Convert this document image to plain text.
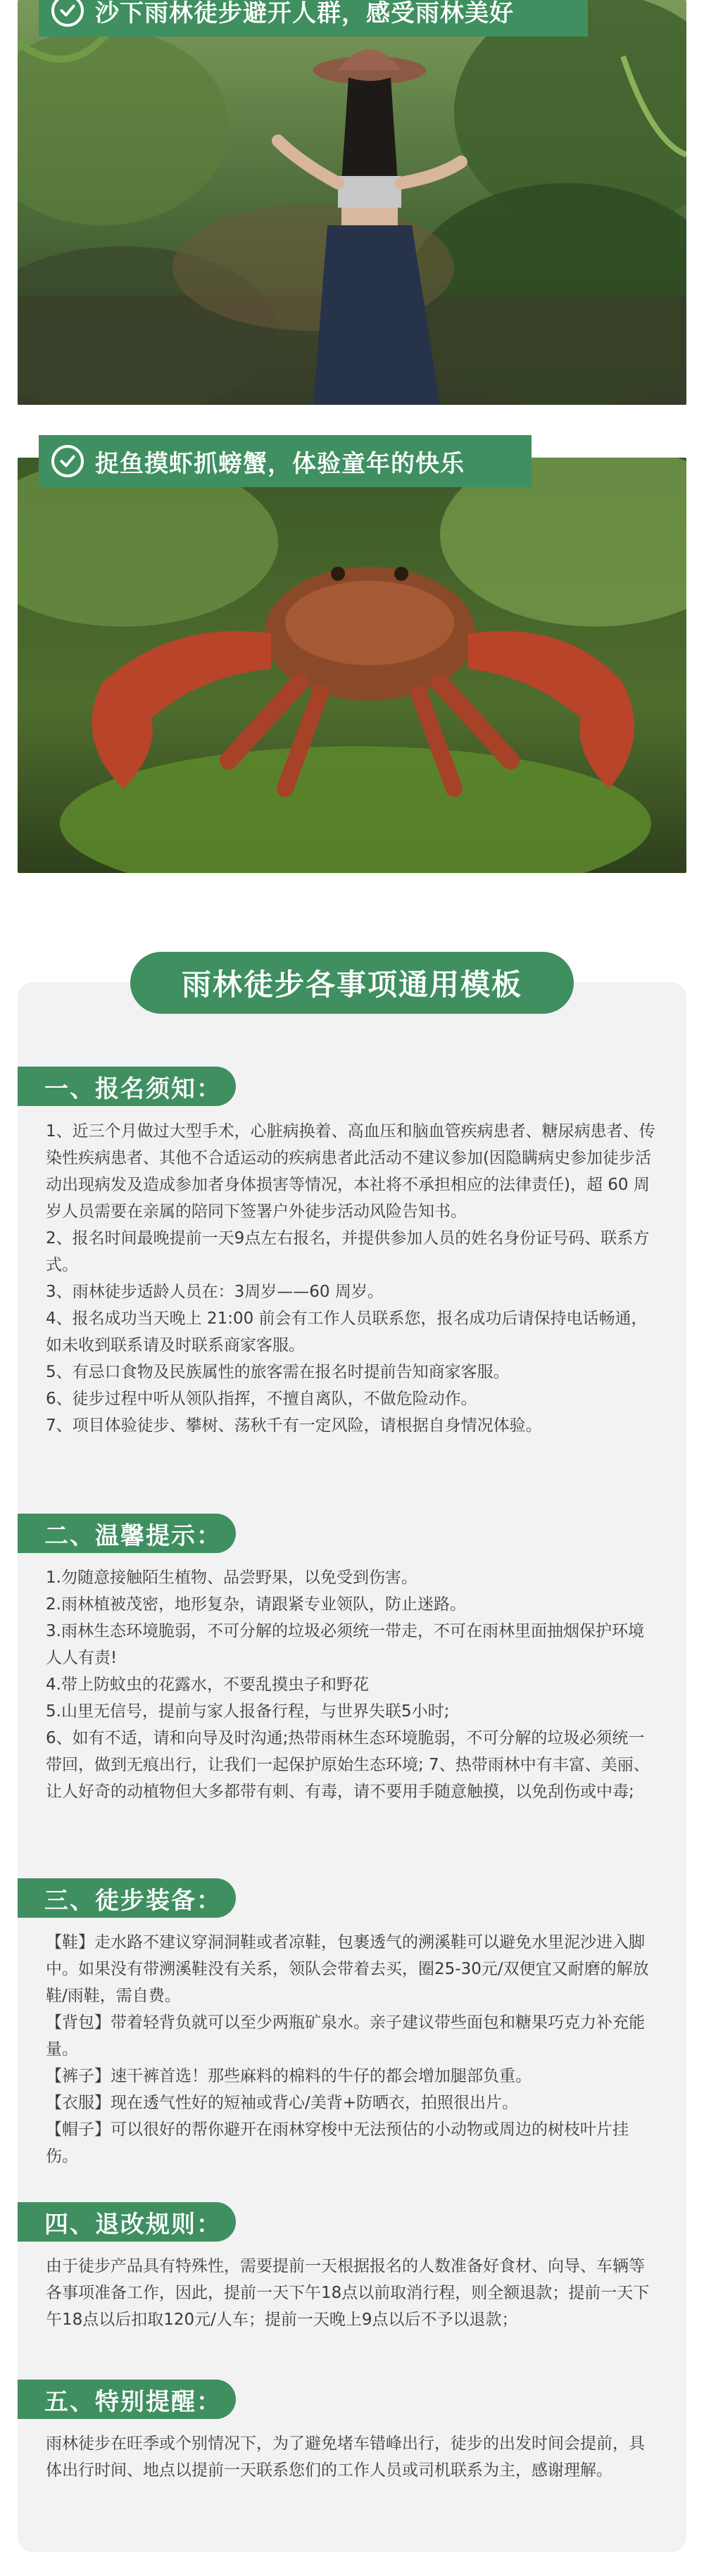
沙下雨林徒步避开人群，感受雨林美好
捉鱼摸虾抓螃蟹，体验童年的快乐
雨林徒步各事项通用模板
一、报名须知：

1、近三个月做过大型手术，心脏病换着、高血压和脑血管疾病患者、糖尿病患者、传染性疾病患者、其他不合适运动的疾病患者此活动不建议参加(因隐瞒病史参加徒步活动出现病发及造成参加者身体损害等情况，本社将不承担相应的法律责任)，超 60 周岁人员需要在亲属的陪同下签署户外徒步活动风险告知书。

2、报名时间最晚提前一天9点左右报名，并提供参加人员的姓名身份证号码、联系方式。

3、雨林徒步适龄人员在：3周岁——60 周岁。

4、报名成功当天晚上 21:00 前会有工作人员联系您，报名成功后请保持电话畅通，如未收到联系请及时联系商家客服。

5、有忌口食物及民族属性的旅客需在报名时提前告知商家客服。

6、徒步过程中听从领队指挥，不擅自离队，不做危险动作。

7、项目体验徒步、攀树、荡秋千有一定风险，请根据自身情况体验。

二、温馨提示：

1.勿随意接触陌生植物、品尝野果，以免受到伤害。

2.雨林植被茂密，地形复杂，请跟紧专业领队，防止迷路。

3.雨林生态环境脆弱，不可分解的垃圾必须统一带走，不可在雨林里面抽烟保护环境人人有责!

4.带上防蚊虫的花露水，不要乱摸虫子和野花

5.山里无信号，提前与家人报备行程，与世界失联5小时;

6、如有不适，请和向导及时沟通;热带雨林生态环境脆弱，不可分解的垃圾必须统一带回，做到无痕出行，让我们一起保护原始生态环境; 7、热带雨林中有丰富、美丽、让人好奇的动植物但大多都带有刺、有毒，请不要用手随意触摸，以免刮伤或中毒;

三、徒步装备：

【鞋】走水路不建议穿洞洞鞋或者凉鞋，包裹透气的溯溪鞋可以避免水里泥沙进入脚中。如果没有带溯溪鞋没有关系，领队会带着去买，圈25-30元/双便宜又耐磨的解放鞋/雨鞋，需自费。

【背包】带着轻背负就可以至少两瓶矿泉水。亲子建议带些面包和糖果巧克力补充能量。

【裤子】速干裤首选！那些麻料的棉料的牛仔的都会增加腿部负重。

【衣服】现在透气性好的短袖或背心/美背+防晒衣，拍照很出片。

【帽子】可以很好的帮你避开在雨林穿梭中无法预估的小动物或周边的树枝叶片挂伤。

四、退改规则：

由于徒步产品具有特殊性，需要提前一天根据报名的人数准备好食材、向导、车辆等各事项准备工作，因此，提前一天下午18点以前取消行程，则全额退款；提前一天下午18点以后扣取120元/人车；提前一天晚上9点以后不予以退款；

五、特别提醒：

雨林徒步在旺季或个别情况下，为了避免堵车错峰出行，徒步的出发时间会提前，具体出行时间、地点以提前一天联系您们的工作人员或司机联系为主，感谢理解。
